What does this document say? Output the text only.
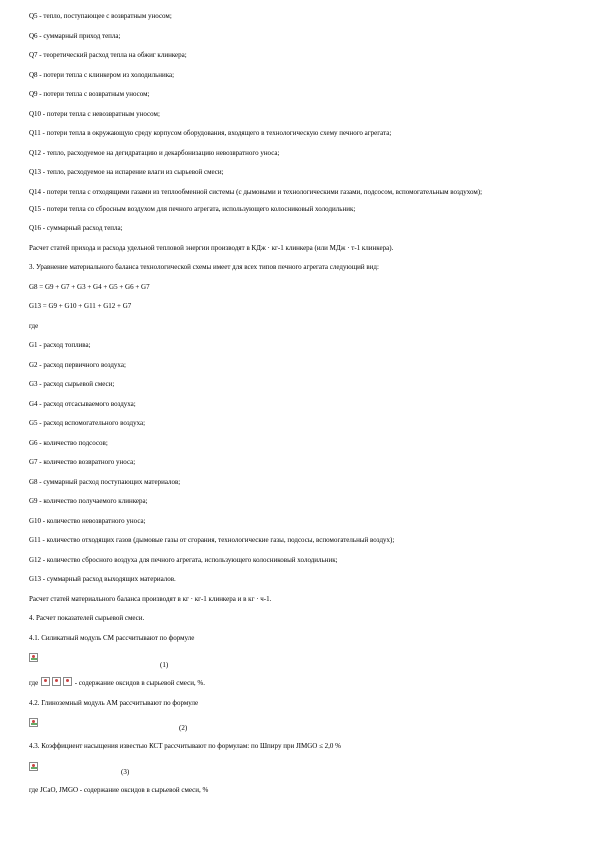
Q5 - тепло, поступающее с возвратным уносом;

Q6 - суммарный приход тепла;

Q7 - теоретический расход тепла на обжиг клинкера;

Q8 - потери тепла с клинкером из холодильника;

Q9 - потери тепла с возвратным уносом;

Q10 - потери тепла с невозвратным уносом;

Q11 - потери тепла в окружающую среду корпусом оборудования, входящего в технологическую схему печного агрегата;

Q12 - тепло, расходуемое на дегидратацию и декарбонизацию невозвратного уноса;

Q13 - тепло, расходуемое на испарение влаги из сырьевой смеси;

Q14 - потери тепла с отходящими газами из теплообменной системы (с дымовыми и технологическими газами, подсосом, вспомогательным воздухом);

Q15 - потери тепла со сбросным воздухом для печного агрегата, использующего колосниковый холодильник;

Q16 - суммарный расход тепла;

Расчет статей прихода и расхода удельной тепловой энергии производят в КДж · кг-1 клинкера (или МДж · т-1 клинкера).

3. Уравнение материального баланса технологической схемы имеет для всех типов печного агрегата следующий вид:

G8 = G9 + G7 + G3 + G4 + G5 + G6 + G7

G13 = G9 + G10 + G11 + G12 + G7

где

G1 - расход топлива;

G2 - расход первичного воздуха;

G3 - расход сырьевой смеси;

G4 - расход отсасываемого воздуха;

G5 - расход вспомогательного воздуха;

G6 - количество подсосов;

G7 - количество возвратного уноса;

G8 - суммарный расход поступающих материалов;

G9 - количество получаемого клинкера;

G10 - количество невозвратного уноса;

G11 - количество отходящих газов (дымовые газы от сгорания, технологические газы, подсосы, вспомогательный воздух);

G12 - количество сбросного воздуха для печного агрегата, использующего колосниковый холодильник;

G13 - суммарный расход выходящих материалов.

Расчет статей материального баланса производят в кг · кг-1 клинкера и в кг · ч-1.

4. Расчет показателей сырьевой смеси.

4.1. Силикатный модуль СМ рассчитывают по формуле

(1)

где	- содержание оксидов в сырьевой смеси, %.

4.2. Глиноземный модуль АМ рассчитывают по формуле

(2)

4.3. Коэффициент насыщения известью КСТ рассчитывают по формулам: по Шпиру при JIMGO ≤ 2,0 %

(3)

где JCaO, JMGO - содержание оксидов в сырьевой смеси, %
